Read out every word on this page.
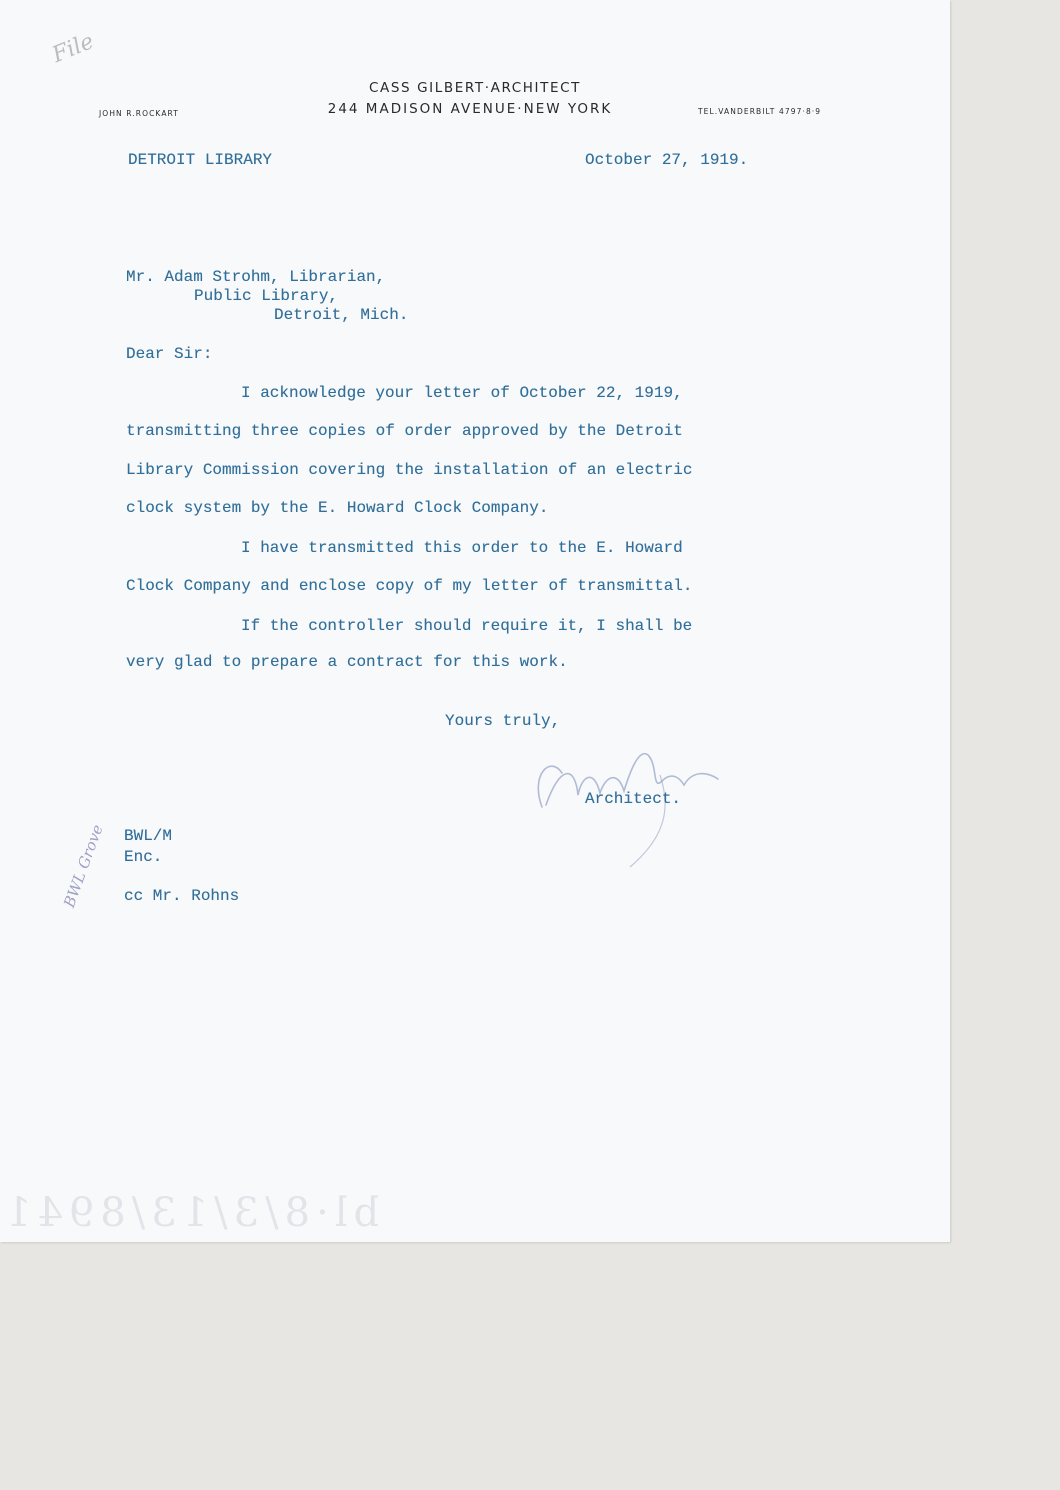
File
CASS GILBERT·ARCHITECT
244 MADISON AVENUE·NEW YORK
JOHN R.ROCKART	TEL.VANDERBILT 4797·8·9
DETROIT LIBRARY	October 27, 1919.
Mr. Adam Strohm, Librarian,
Public Library,
Detroit, Mich.
Dear Sir:
I acknowledge your letter of October 22, 1919,
transmitting three copies of order approved by the Detroit
Library Commission covering the installation of an electric
clock system by the E. Howard Clock Company.
I have transmitted this order to the E. Howard
Clock Company and enclose copy of my letter of transmittal.
If the controller should require it, I shall be
very glad to prepare a contract for this work.
Yours truly,
Architect.
BWL/M
Enc.
cc Mr. Rohns
BWL Grove
bl·8/3/13/8941
